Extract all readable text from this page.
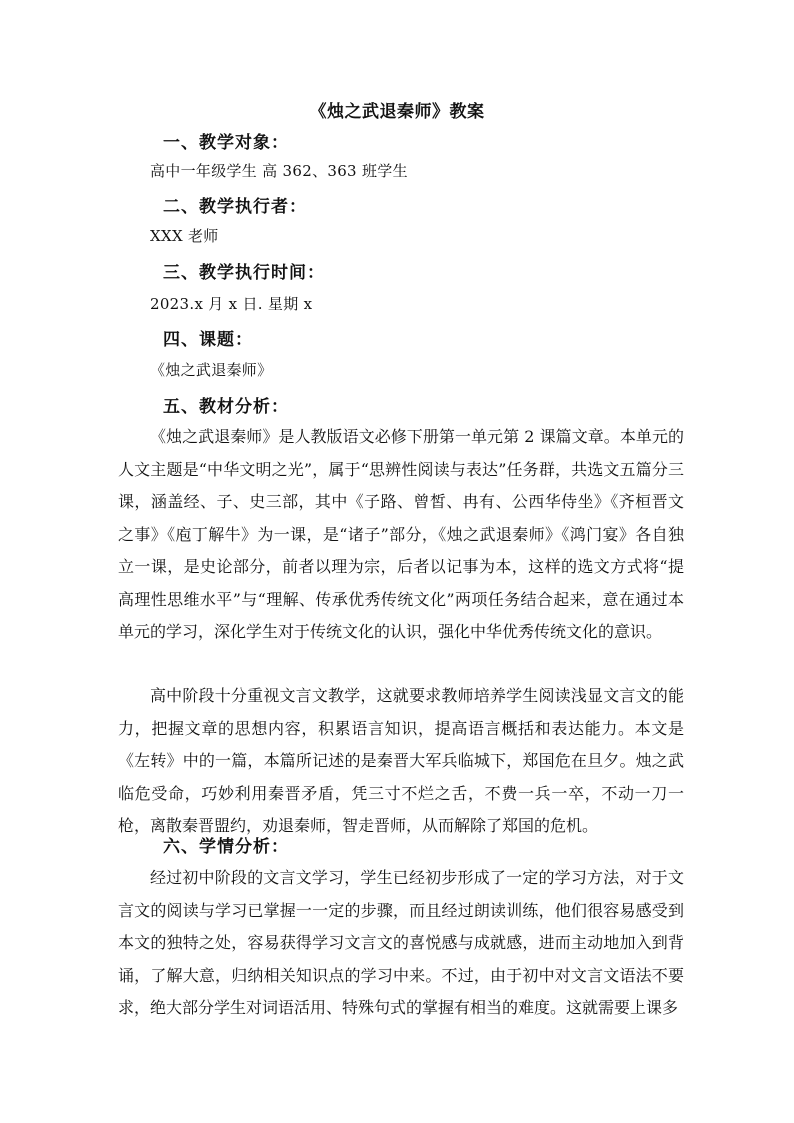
《烛之武退秦师》教案
一、教学对象：
高中一年级学生 高 362、363 班学生
二、教学执行者：
XXX 老师
三、教学执行时间：
2023.x 月 x 日. 星期 x
四、课题：
《烛之武退秦师》
五、教材分析：

《烛之武退秦师》是人教版语文必修下册第一单元第 2 课篇文章。本单元的人文主题是“中华文明之光”，属于“思辨性阅读与表达”任务群，共选文五篇分三课，涵盖经、子、史三部，其中《子路、曾皙、冉有、公西华侍坐》《齐桓晋文之事》《庖丁解牛》为一课，是“诸子”部分，《烛之武退秦师》《鸿门宴》各自独立一课，是史论部分，前者以理为宗，后者以记事为本，这样的选文方式将“提高理性思维水平”与“理解、传承优秀传统文化”两项任务结合起来，意在通过本单元的学习，深化学生对于传统文化的认识，强化中华优秀传统文化的意识。

高中阶段十分重视文言文教学，这就要求教师培养学生阅读浅显文言文的能力，把握文章的思想内容，积累语言知识，提高语言概括和表达能力。本文是《左转》中的一篇，本篇所记述的是秦晋大军兵临城下，郑国危在旦夕。烛之武临危受命，巧妙利用秦晋矛盾，凭三寸不烂之舌，不费一兵一卒，不动一刀一枪，离散秦晋盟约，劝退秦师，智走晋师，从而解除了郑国的危机。

六、学情分析：

经过初中阶段的文言文学习，学生已经初步形成了一定的学习方法，对于文言文的阅读与学习已掌握一一定的步骤，而且经过朗读训练，他们很容易感受到本文的独特之处，容易获得学习文言文的喜悦感与成就感，进而主动地加入到背诵，了解大意，归纳相关知识点的学习中来。不过，由于初中对文言文语法不要求，绝大部分学生对词语活用、特殊句式的掌握有相当的难度。这就需要上课多
